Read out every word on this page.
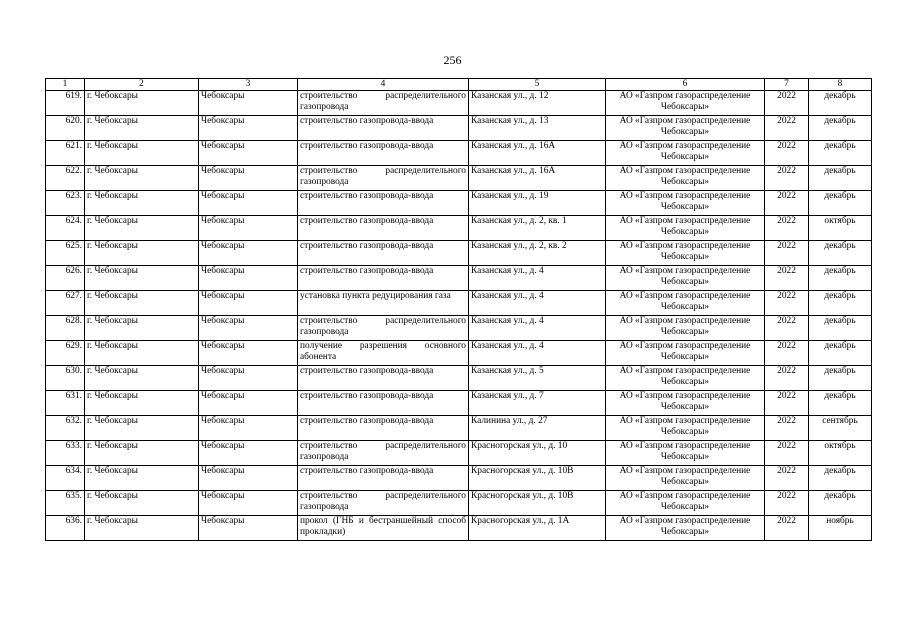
256
1	2	3	4	5	6	7	8
619.	г. Чебоксары	Чебоксары	строительство распределительного газопровода	Казанская ул., д. 12	АО «Газпром газораспределение Чебоксары»	2022	декабрь
620.	г. Чебоксары	Чебоксары	строительство газопровода-ввода	Казанская ул., д. 13	АО «Газпром газораспределение Чебоксары»	2022	декабрь
621.	г. Чебоксары	Чебоксары	строительство газопровода-ввода	Казанская ул., д. 16А	АО «Газпром газораспределение Чебоксары»	2022	декабрь
622.	г. Чебоксары	Чебоксары	строительство распределительного газопровода	Казанская ул., д. 16А	АО «Газпром газораспределение Чебоксары»	2022	декабрь
623.	г. Чебоксары	Чебоксары	строительство газопровода-ввода	Казанская ул., д. 19	АО «Газпром газораспределение Чебоксары»	2022	декабрь
624.	г. Чебоксары	Чебоксары	строительство газопровода-ввода	Казанская ул., д. 2, кв. 1	АО «Газпром газораспределение Чебоксары»	2022	октябрь
625.	г. Чебоксары	Чебоксары	строительство газопровода-ввода	Казанская ул., д. 2, кв. 2	АО «Газпром газораспределение Чебоксары»	2022	декабрь
626.	г. Чебоксары	Чебоксары	строительство газопровода-ввода	Казанская ул., д. 4	АО «Газпром газораспределение Чебоксары»	2022	декабрь
627.	г. Чебоксары	Чебоксары	установка пункта редуцирования газа	Казанская ул., д. 4	АО «Газпром газораспределение Чебоксары»	2022	декабрь
628.	г. Чебоксары	Чебоксары	строительство распределительного газопровода	Казанская ул., д. 4	АО «Газпром газораспределение Чебоксары»	2022	декабрь
629.	г. Чебоксары	Чебоксары	получение разрешения основного абонента	Казанская ул., д. 4	АО «Газпром газораспределение Чебоксары»	2022	декабрь
630.	г. Чебоксары	Чебоксары	строительство газопровода-ввода	Казанская ул., д. 5	АО «Газпром газораспределение Чебоксары»	2022	декабрь
631.	г. Чебоксары	Чебоксары	строительство газопровода-ввода	Казанская ул., д. 7	АО «Газпром газораспределение Чебоксары»	2022	декабрь
632.	г. Чебоксары	Чебоксары	строительство газопровода-ввода	Калинина ул., д. 27	АО «Газпром газораспределение Чебоксары»	2022	сентябрь
633.	г. Чебоксары	Чебоксары	строительство распределительного газопровода	Красногорская ул., д. 10	АО «Газпром газораспределение Чебоксары»	2022	октябрь
634.	г. Чебоксары	Чебоксары	строительство газопровода-ввода	Красногорская ул., д. 10В	АО «Газпром газораспределение Чебоксары»	2022	декабрь
635.	г. Чебоксары	Чебоксары	строительство распределительного газопровода	Красногорская ул., д. 10В	АО «Газпром газораспределение Чебоксары»	2022	декабрь
636.	г. Чебоксары	Чебоксары	прокол (ГНБ и бестраншейный способ прокладки)	Красногорская ул., д. 1А	АО «Газпром газораспределение Чебоксары»	2022	ноябрь
